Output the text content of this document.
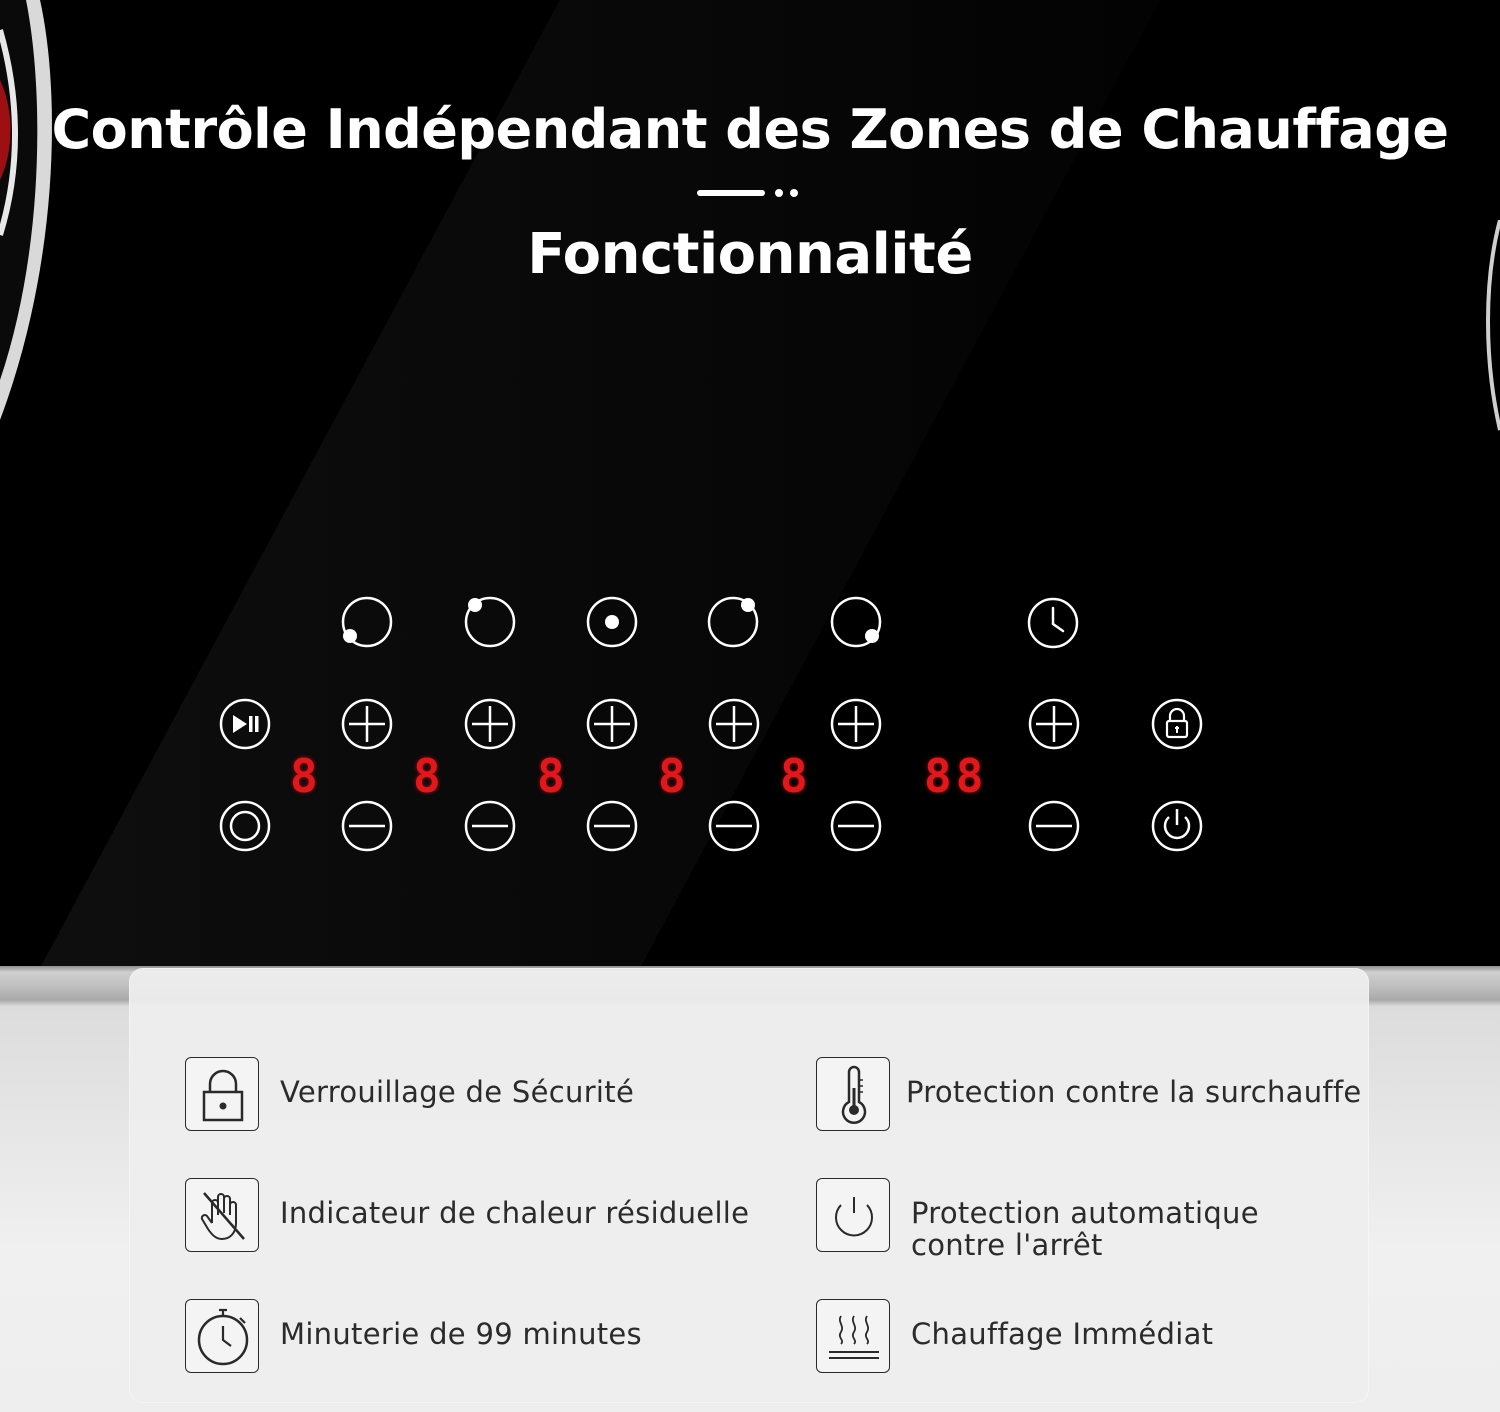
Contrôle Indépendant des Zones de Chauffage
Fonctionnalité
8 8 8 8 8 88
Verrouillage de Sécurité	Protection contre la surchauffe
Indicateur de chaleur résiduelle	Protection automatique
contre l'arrêt
Minuterie de 99 minutes	Chauffage Immédiat
